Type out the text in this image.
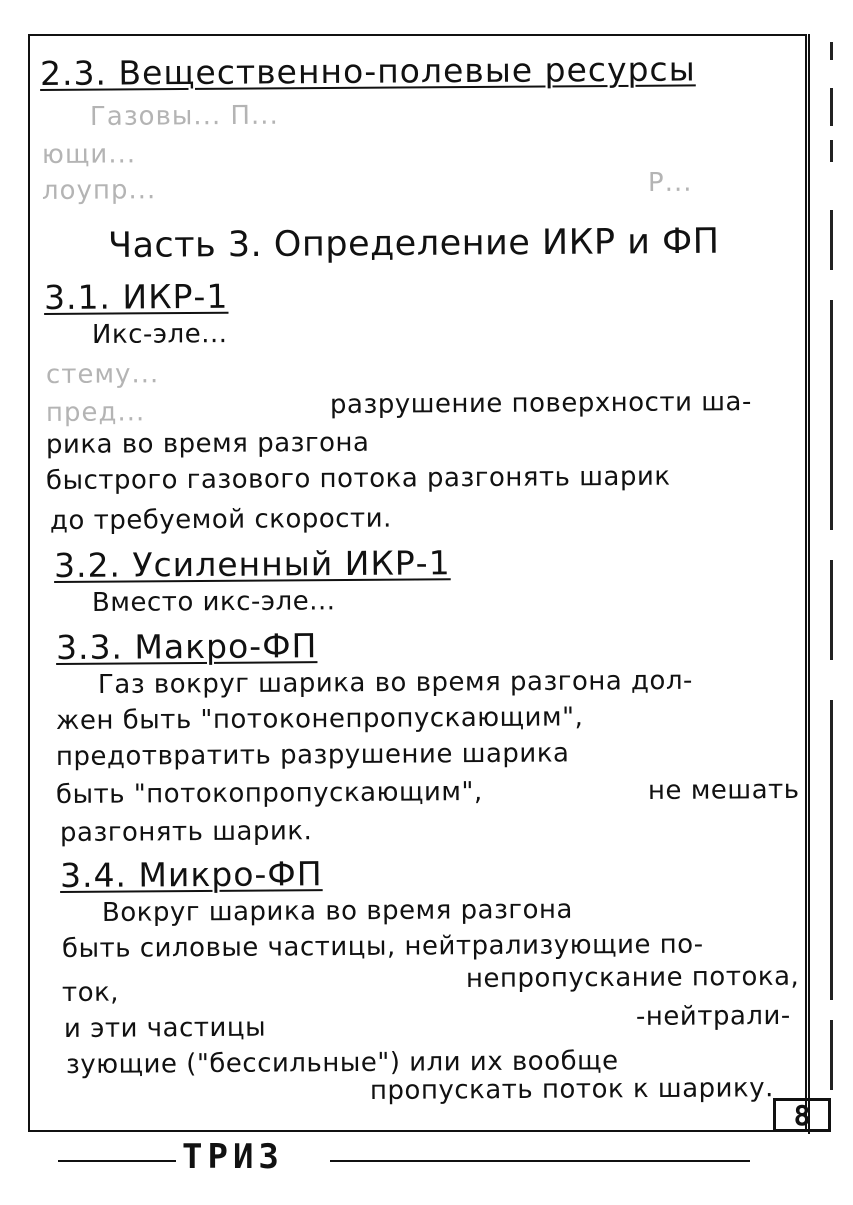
2.3. Вещественно-полевые ресурсы
Газовы... П...
ющи...
лоупр...	Р...
Часть 3. Определение ИКР и ФП
3.1. ИКР-1
Икс-эле...
стему...
пред...	разрушение поверхности ша-
рика во время разгона
быстрого газового потока разгонять шарик
до требуемой скорости.
3.2. Усиленный ИКР-1
Вместо икс-эле...
3.3. Макро-ФП
Газ вокруг шарика во время разгона дол-
жен быть "потоконепропускающим",
предотвратить разрушение шарика
быть "потокопропускающим",	не мешать
разгонять шарик.
3.4. Микро-ФП
Вокруг шарика во время разгона
быть силовые частицы, нейтрализующие по-
ток,	непропускание потока,
и эти частицы	-нейтрали-
зующие ("бессильные") или их вообще
пропускать поток к шарику.
8
ТРИЗ
